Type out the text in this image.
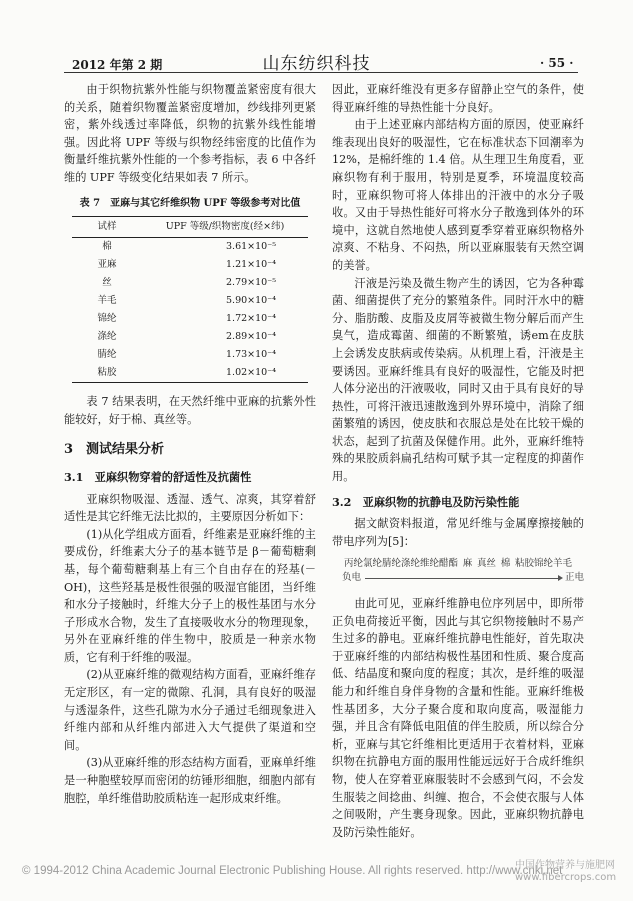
2012 年第 2 期	山东纺织科技	· 55 ·

由于织物抗紫外性能与织物覆盖紧密度有很大的关系，随着织物覆盖紧密度增加，纱线排列更紧密，紫外线透过率降低，织物的抗紫外线性能增强。因此将 UPF 等级与织物经纬密度的比值作为衡量纤维抗紫外性能的一个参考指标，表 6 中各纤维的 UPF 等级变化结果如表 7 所示。

表 7　亚麻与其它纤维织物 UPF 等级参考对比值
试样	UPF 等级/织物密度(经×纬)
棉	3.61×10⁻⁵
亚麻	1.21×10⁻⁴
丝	2.79×10⁻⁵
羊毛	5.90×10⁻⁴
锦纶	1.72×10⁻⁴
涤纶	2.89×10⁻⁴
腈纶	1.73×10⁻⁴
粘胶	1.02×10⁻⁴

表 7 结果表明，在天然纤维中亚麻的抗紫外性能较好，好于棉、真丝等。

3　测试结果分析
3.1　亚麻织物穿着的舒适性及抗菌性

亚麻织物吸湿、透湿、透气、凉爽，其穿着舒适性是其它纤维无法比拟的，主要原因分析如下：

(1)从化学组成方面看，纤维素是亚麻纤维的主要成份，纤维素大分子的基本链节是 β－葡萄糖剩基，每个葡萄糖剩基上有三个自由存在的羟基(－OH)，这些羟基是极性很强的吸湿官能团，当纤维和水分子接触时，纤维大分子上的极性基团与水分子形成水合物，发生了直接吸收水分的物理现象，另外在亚麻纤维的伴生物中，胶质是一种亲水物质，它有利于纤维的吸湿。

(2)从亚麻纤维的微观结构方面看，亚麻纤维存无定形区，有一定的微隙、孔洞，具有良好的吸湿与透湿条件，这些孔隙为水分子通过毛细现象进入纤维内部和从纤维内部进入大气提供了渠道和空间。

(3)从亚麻纤维的形态结构方面看，亚麻单纤维是一种胞壁较厚而密闭的纺锤形细胞，细胞内部有胞腔，单纤维借助胶质粘连一起形成束纤维。

因此，亚麻纤维没有更多存留静止空气的条件，使得亚麻纤维的导热性能十分良好。

由于上述亚麻内部结构方面的原因，使亚麻纤维表现出良好的吸湿性，它在标准状态下回潮率为 12%，是棉纤维的 1.4 倍。从生理卫生角度看，亚麻织物有利于服用，特别是夏季，环境温度较高时，亚麻织物可将人体排出的汗液中的水分子吸收。又由于导热性能好可将水分子散逸到体外的环境中，这就自然地使人感到夏季穿着亚麻织物格外凉爽、不粘身、不闷热，所以亚麻服装有天然空调的美誉。

汗液是污染及微生物产生的诱因，它为各种霉菌、细菌提供了充分的繁殖条件。同时汗水中的糖分、脂肪酸、皮脂及皮屑等被微生物分解后而产生臭气，造成霉菌、细菌的不断繁殖，诱em在皮肤上会诱发皮肤病或传染病。从机理上看，汗液是主要诱因。亚麻纤维具有良好的吸湿性，它能及时把人体分泌出的汗液吸收，同时又由于具有良好的导热性，可将汗液迅速散逸到外界环境中，消除了细菌繁殖的诱因，使皮肤和衣服总是处在比较干燥的状态，起到了抗菌及保健作用。此外，亚麻纤维特殊的果胶质斜扁孔结构可赋予其一定程度的抑菌作用。

3.2　亚麻织物的抗静电及防污染性能

据文献资料报道，常见纤维与金属摩擦接触的带电序列为[5]：

丙纶 氯纶 腈纶 涤纶 维纶 醋酯 麻 真丝 棉 粘胶 锦纶 羊毛
负电	正电

由此可见，亚麻纤维静电位序列居中，即所带正负电荷接近平衡，因此与其它织物接触时不易产生过多的静电。亚麻纤维抗静电性能好，首先取决于亚麻纤维的内部结构极性基团和性质、聚合度高低、结晶度和聚向度的程度；其次，是纤维的吸湿能力和纤维自身伴身物的含量和性能。亚麻纤维极性基团多，大分子聚合度和取向度高，吸湿能力强，并且含有降低电阻值的伴生胶质，所以综合分析，亚麻与其它纤维相比更适用于衣着材料，亚麻织物在抗静电方面的服用性能远远好于合成纤维织物，使人在穿着亚麻服装时不会感到气闷，不会发生服装之间捻曲、纠缠、抱合，不会使衣服与人体之间吸附，产生裹身现象。因此，亚麻织物抗静电及防污染性能好。

© 1994-2012 China Academic Journal Electronic Publishing House. All rights reserved. http://www.cnki.net
中国作物营养与施肥网
www.fibercrops.com
